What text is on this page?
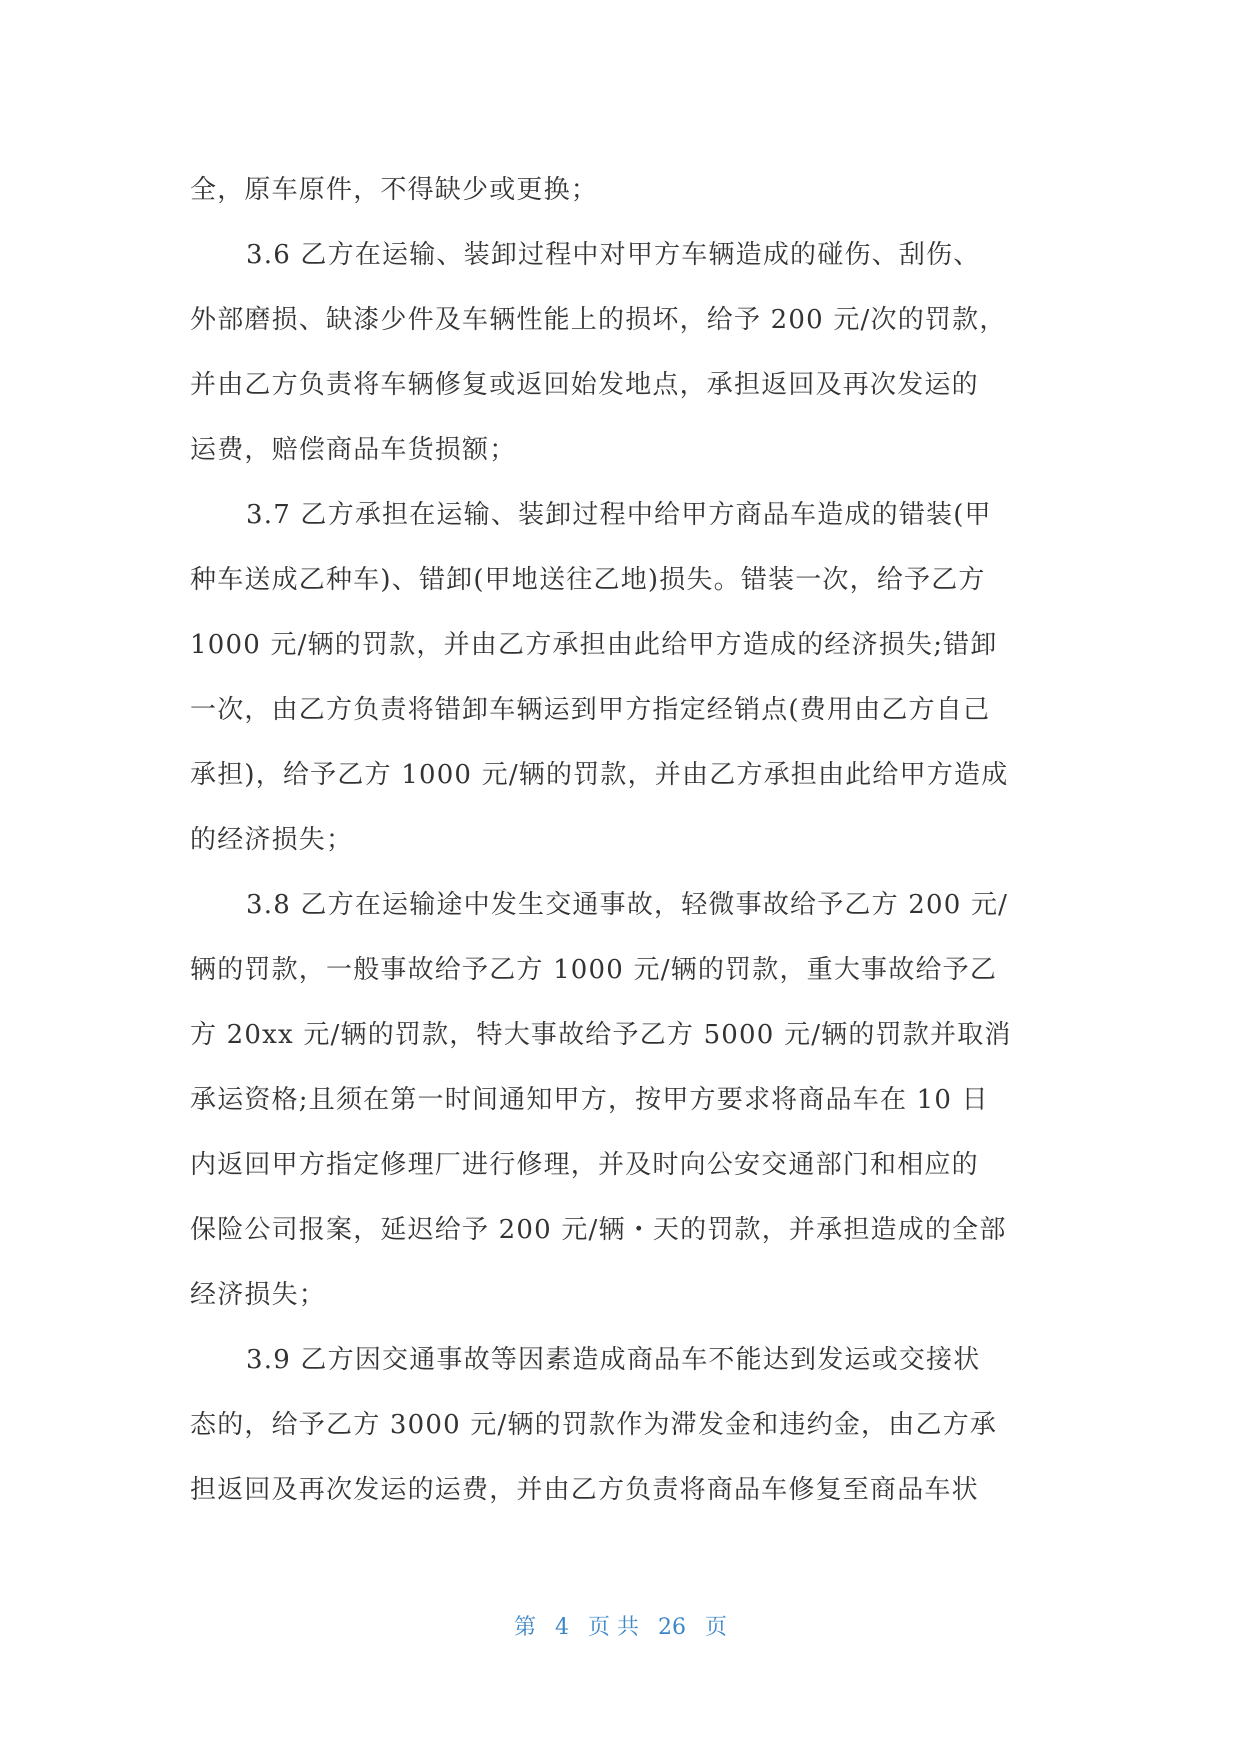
全，原车原件，不得缺少或更换；
3.6 乙方在运输、装卸过程中对甲方车辆造成的碰伤、刮伤、
外部磨损、缺漆少件及车辆性能上的损坏，给予 200 元/次的罚款，
并由乙方负责将车辆修复或返回始发地点，承担返回及再次发运的
运费，赔偿商品车货损额；
3.7 乙方承担在运输、装卸过程中给甲方商品车造成的错装(甲
种车送成乙种车)、错卸(甲地送往乙地)损失。错装一次，给予乙方
1000 元/辆的罚款，并由乙方承担由此给甲方造成的经济损失;错卸
一次，由乙方负责将错卸车辆运到甲方指定经销点(费用由乙方自己
承担)，给予乙方 1000 元/辆的罚款，并由乙方承担由此给甲方造成
的经济损失；
3.8 乙方在运输途中发生交通事故，轻微事故给予乙方 200 元/
辆的罚款，一般事故给予乙方 1000 元/辆的罚款，重大事故给予乙
方 20xx 元/辆的罚款，特大事故给予乙方 5000 元/辆的罚款并取消
承运资格;且须在第一时间通知甲方，按甲方要求将商品车在 10 日
内返回甲方指定修理厂进行修理，并及时向公安交通部门和相应的
保险公司报案，延迟给予 200 元/辆・天的罚款，并承担造成的全部
经济损失；
3.9 乙方因交通事故等因素造成商品车不能达到发运或交接状
态的，给予乙方 3000 元/辆的罚款作为滞发金和违约金，由乙方承
担返回及再次发运的运费，并由乙方负责将商品车修复至商品车状
第 4 页 共 26 页
